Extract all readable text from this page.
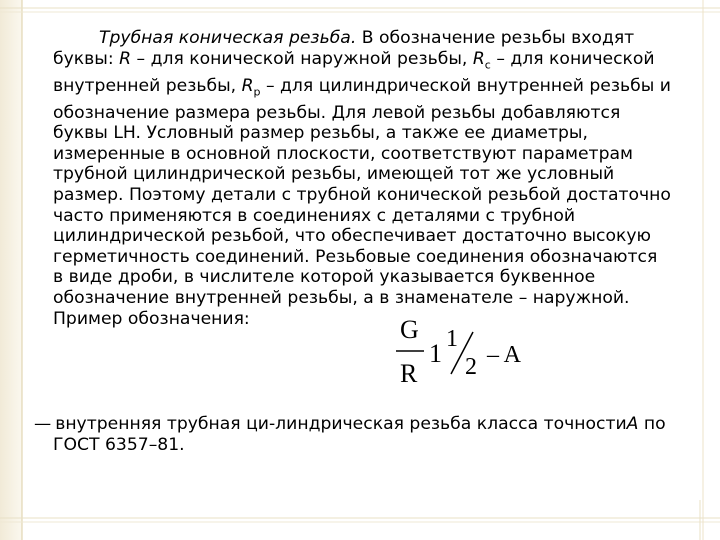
Трубная коническая резьба. В обозначение резьбы входят
буквы: R – для конической наружной резьбы, $R_c$ – для конической
внутренней резьбы, $R_p$ – для цилиндрической внутренней резьбы и
обозначение размера резьбы. Для левой резьбы добавляются
буквы LH. Условный размер резьбы, а также ее диаметры,
измеренные в основной плоскости, соответствуют параметрам
трубной цилиндрической резьбы, имеющей тот же условный
размер. Поэтому детали с трубной конической резьбой достаточно
часто применяются в соединениях с деталями с трубной
цилиндрической резьбой, что обеспечивает достаточно высокую
герметичность соединений. Резьбовые соединения обозначаются
в виде дроби, в числителе которой указывается буквенное
обозначение внутренней резьбы, а в знаменателе – наружной.
Пример обозначения:	G
R
1 1
2 – A
— внутренняя трубная ци-линдрическая резьба класса точностиA по
ГОСТ 6357–81.
